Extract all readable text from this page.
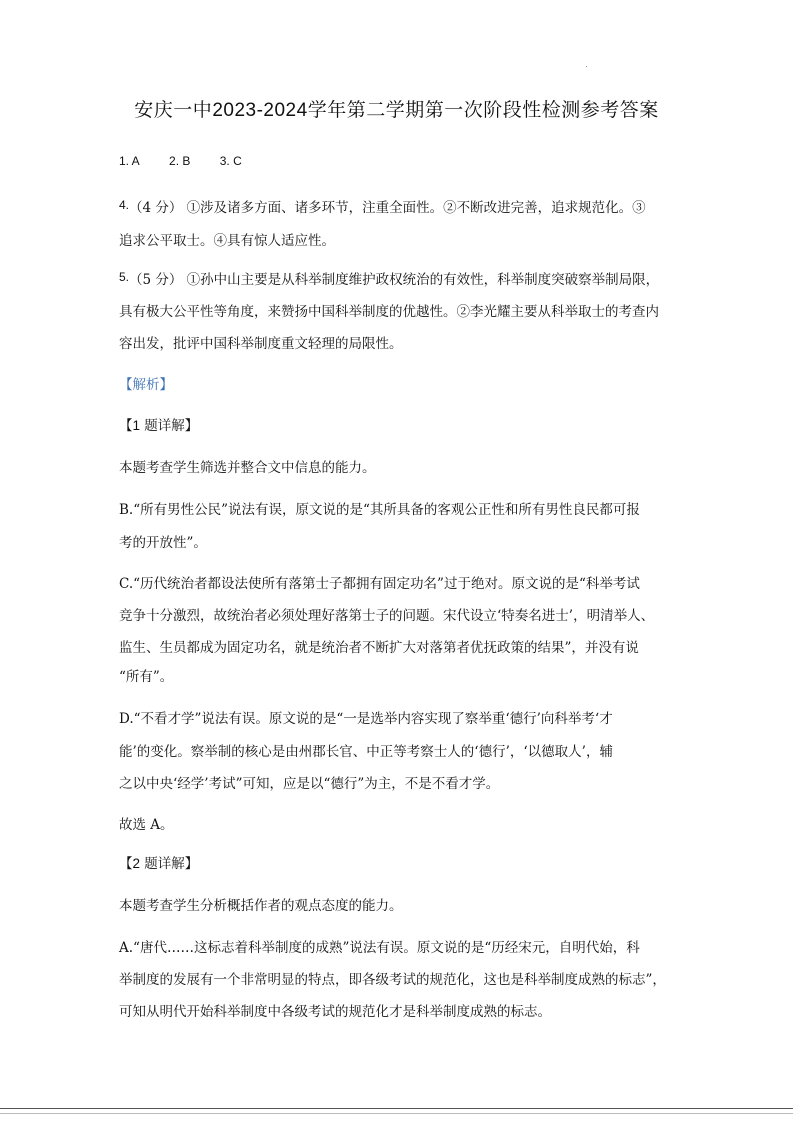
安庆一中2023-2024学年第二学期第一次阶段性检测参考答案
1. A 2. B 3. C
4.（4 分） ①涉及诸多方面、诸多环节，注重全面性。②不断改进完善，追求规范化。③
追求公平取士。④具有惊人适应性。
5.（5 分） ①孙中山主要是从科举制度维护政权统治的有效性，科举制度突破察举制局限，
具有极大公平性等角度，来赞扬中国科举制度的优越性。②李光耀主要从科举取士的考查内
容出发，批评中国科举制度重文轻理的局限性。
【解析】
【1 题详解】
本题考查学生筛选并整合文中信息的能力。
B.“所有男性公民”说法有误，原文说的是“其所具备的客观公正性和所有男性良民都可报
考的开放性”。
C.“历代统治者都设法使所有落第士子都拥有固定功名”过于绝对。原文说的是“科举考试
竞争十分激烈，故统治者必须处理好落第士子的问题。宋代设立‘特奏名进士’，明清举人、
监生、生员都成为固定功名，就是统治者不断扩大对落第者优抚政策的结果”，并没有说
“所有”。
D.“不看才学”说法有误。原文说的是“一是选举内容实现了察举重‘德行’向科举考‘才
能’的变化。察举制的核心是由州郡长官、中正等考察士人的‘德行’，‘以德取人’，辅
之以中央‘经学’考试”可知，应是以“德行”为主，不是不看才学。
故选 A。
【2 题详解】
本题考查学生分析概括作者的观点态度的能力。
A.“唐代……这标志着科举制度的成熟”说法有误。原文说的是“历经宋元，自明代始，科
举制度的发展有一个非常明显的特点，即各级考试的规范化，这也是科举制度成熟的标志”，
可知从明代开始科举制度中各级考试的规范化才是科举制度成熟的标志。
